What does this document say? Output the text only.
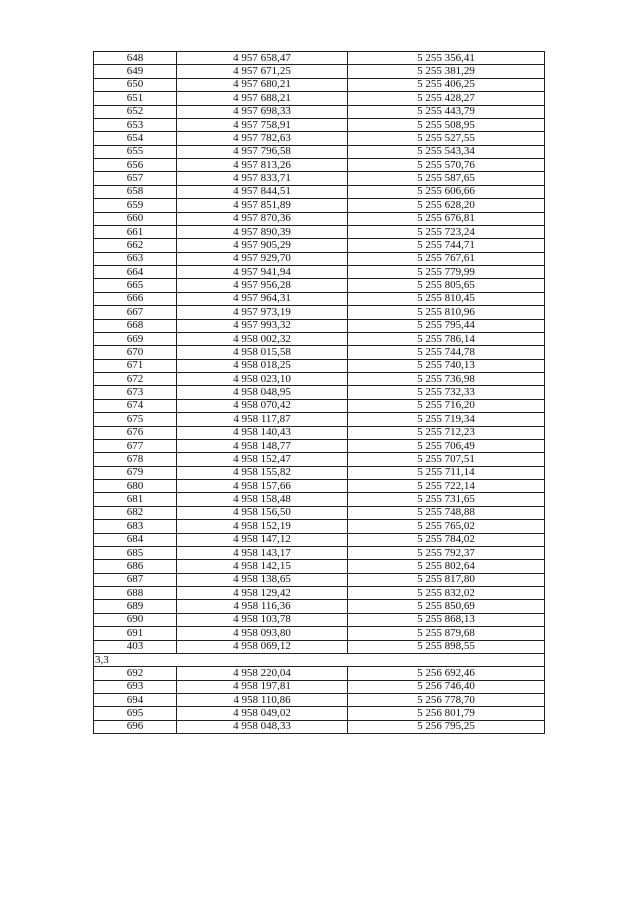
648	4 957 658,47	5 255 356,41
649	4 957 671,25	5 255 381,29
650	4 957 680,21	5 255 406,25
651	4 957 688,21	5 255 428,27
652	4 957 698,33	5 255 443,79
653	4 957 758,91	5 255 508,95
654	4 957 782,63	5 255 527,55
655	4 957 796,58	5 255 543,34
656	4 957 813,26	5 255 570,76
657	4 957 833,71	5 255 587,65
658	4 957 844,51	5 255 606,66
659	4 957 851,89	5 255 628,20
660	4 957 870,36	5 255 676,81
661	4 957 890,39	5 255 723,24
662	4 957 905,29	5 255 744,71
663	4 957 929,70	5 255 767,61
664	4 957 941,94	5 255 779,99
665	4 957 956,28	5 255 805,65
666	4 957 964,31	5 255 810,45
667	4 957 973,19	5 255 810,96
668	4 957 993,32	5 255 795,44
669	4 958 002,32	5 255 786,14
670	4 958 015,58	5 255 744,78
671	4 958 018,25	5 255 740,13
672	4 958 023,10	5 255 736,98
673	4 958 048,95	5 255 732,33
674	4 958 070,42	5 255 716,20
675	4 958 117,87	5 255 719,34
676	4 958 140,43	5 255 712,23
677	4 958 148,77	5 255 706,49
678	4 958 152,47	5 255 707,51
679	4 958 155,82	5 255 711,14
680	4 958 157,66	5 255 722,14
681	4 958 158,48	5 255 731,65
682	4 958 156,50	5 255 748,88
683	4 958 152,19	5 255 765,02
684	4 958 147,12	5 255 784,02
685	4 958 143,17	5 255 792,37
686	4 958 142,15	5 255 802,64
687	4 958 138,65	5 255 817,80
688	4 958 129,42	5 255 832,02
689	4 958 116,36	5 255 850,69
690	4 958 103,78	5 255 868,13
691	4 958 093,80	5 255 879,68
403	4 958 069,12	5 255 898,55
3,3		
692	4 958 220,04	5 256 692,46
693	4 958 197,81	5 256 746,40
694	4 958 110,86	5 256 778,70
695	4 958 049,02	5 256 801,79
696	4 958 048,33	5 256 795,25
